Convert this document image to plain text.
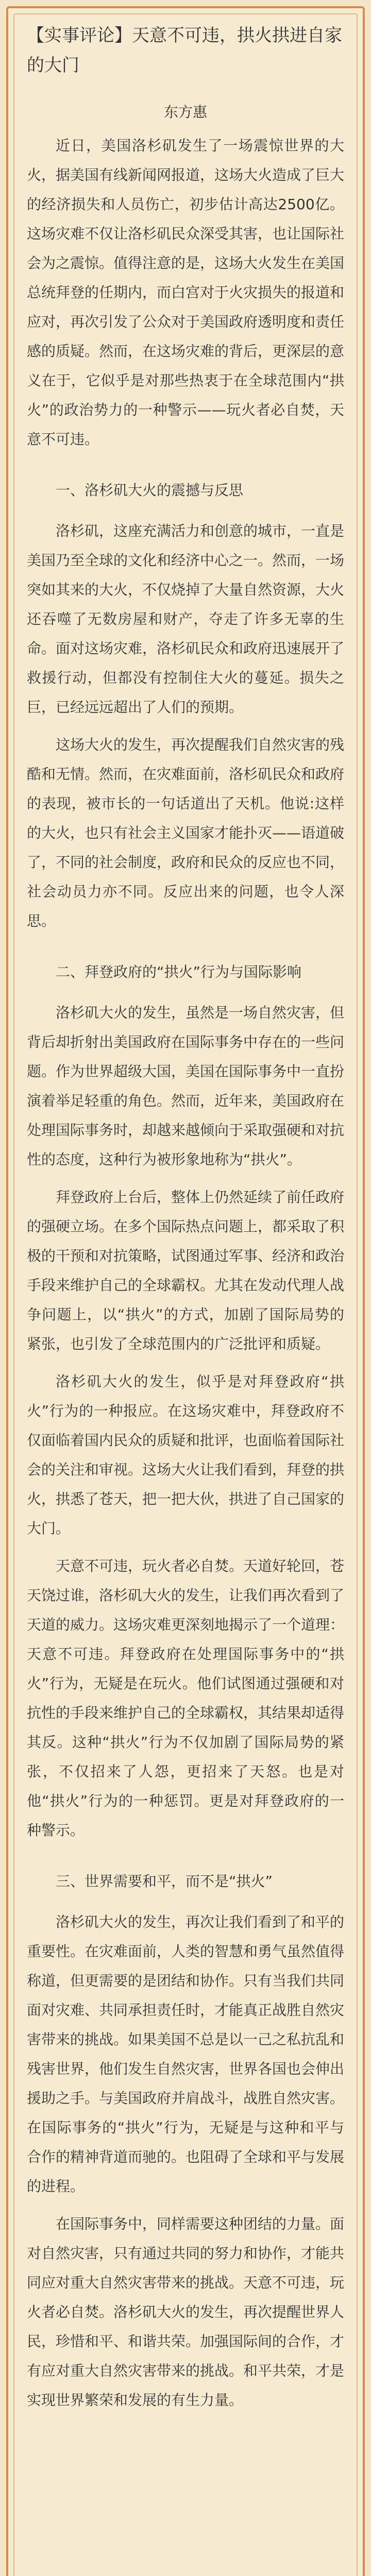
【实事评论】天意不可违，拱火拱进自家的大门
东方惠

近日，美国洛杉矶发生了一场震惊世界的大火，据美国有线新闻网报道，这场大火造成了巨大的经济损失和人员伤亡，初步估计高达2500亿。这场灾难不仅让洛杉矶民众深受其害，也让国际社会为之震惊。值得注意的是，这场大火发生在美国总统拜登的任期内，而白宫对于火灾损失的报道和应对，再次引发了公众对于美国政府透明度和责任感的质疑。然而，在这场灾难的背后，更深层的意义在于，它似乎是对那些热衷于在全球范围内“拱火”的政治势力的一种警示——玩火者必自焚，天意不可违。

一、洛杉矶大火的震撼与反思

洛杉矶，这座充满活力和创意的城市，一直是美国乃至全球的文化和经济中心之一。然而，一场突如其来的大火，不仅烧掉了大量自然资源，大火还吞噬了无数房屋和财产，夺走了许多无辜的生命。面对这场灾难，洛杉矶民众和政府迅速展开了救援行动，但都没有控制住大火的蔓延。损失之巨，已经远远超出了人们的预期。

这场大火的发生，再次提醒我们自然灾害的残酷和无情。然而，在灾难面前，洛杉矶民众和政府的表现，被市长的一句话道出了天机。他说:这样的大火，也只有社会主义国家才能扑灭——语道破了，不同的社会制度，政府和民众的反应也不同，社会动员力亦不同。反应出来的问题，也令人深思。

二、拜登政府的“拱火”行为与国际影响

洛杉矶大火的发生，虽然是一场自然灾害，但背后却折射出美国政府在国际事务中存在的一些问题。作为世界超级大国，美国在国际事务中一直扮演着举足轻重的角色。然而，近年来，美国政府在处理国际事务时，却越来越倾向于采取强硬和对抗性的态度，这种行为被形象地称为“拱火”。

拜登政府上台后，整体上仍然延续了前任政府的强硬立场。在多个国际热点问题上，都采取了积极的干预和对抗策略，试图通过军事、经济和政治手段来维护自己的全球霸权。尤其在发动代理人战争问题上，以“拱火”的方式，加剧了国际局势的紧张，也引发了全球范围内的广泛批评和质疑。

洛杉矶大火的发生，似乎是对拜登政府“拱火”行为的一种报应。在这场灾难中，拜登政府不仅面临着国内民众的质疑和批评，也面临着国际社会的关注和审视。这场大火让我们看到，拜登的拱火，拱悉了苍天，把一把大伙，拱进了自己国家的大门。

天意不可违，玩火者必自焚。天道好轮回，苍天饶过谁，洛杉矶大火的发生，让我们再次看到了天道的威力。这场灾难更深刻地揭示了一个道理：天意不可违。拜登政府在处理国际事务中的“拱火”行为，无疑是在玩火。他们试图通过强硬和对抗性的手段来维护自己的全球霸权，其结果却适得其反。这种“拱火”行为不仅加剧了国际局势的紧张，不仅招来了人怨，更招来了天怒。也是对他“拱火”行为的一种惩罚。更是对拜登政府的一种警示。

三、世界需要和平，而不是“拱火”

洛杉矶大火的发生，再次让我们看到了和平的重要性。在灾难面前，人类的智慧和勇气虽然值得称道，但更需要的是团结和协作。只有当我们共同面对灾难、共同承担责任时，才能真正战胜自然灾害带来的挑战。如果美国不总是以一己之私抗乱和残害世界，他们发生自然灾害，世界各国也会伸出援助之手。与美国政府并肩战斗，战胜自然灾害。在国际事务的“拱火”行为，无疑是与这种和平与合作的精神背道而驰的。也阻碍了全球和平与发展的进程。

在国际事务中，同样需要这种团结的力量。面对自然灾害，只有通过共同的努力和协作，才能共同应对重大自然灾害带来的挑战。天意不可违，玩火者必自焚。洛杉矶大火的发生，再次提醒世界人民，珍惜和平、和谐共荣。加强国际间的合作，才有应对重大自然灾害带来的挑战。和平共荣，才是实现世界繁荣和发展的有生力量。
